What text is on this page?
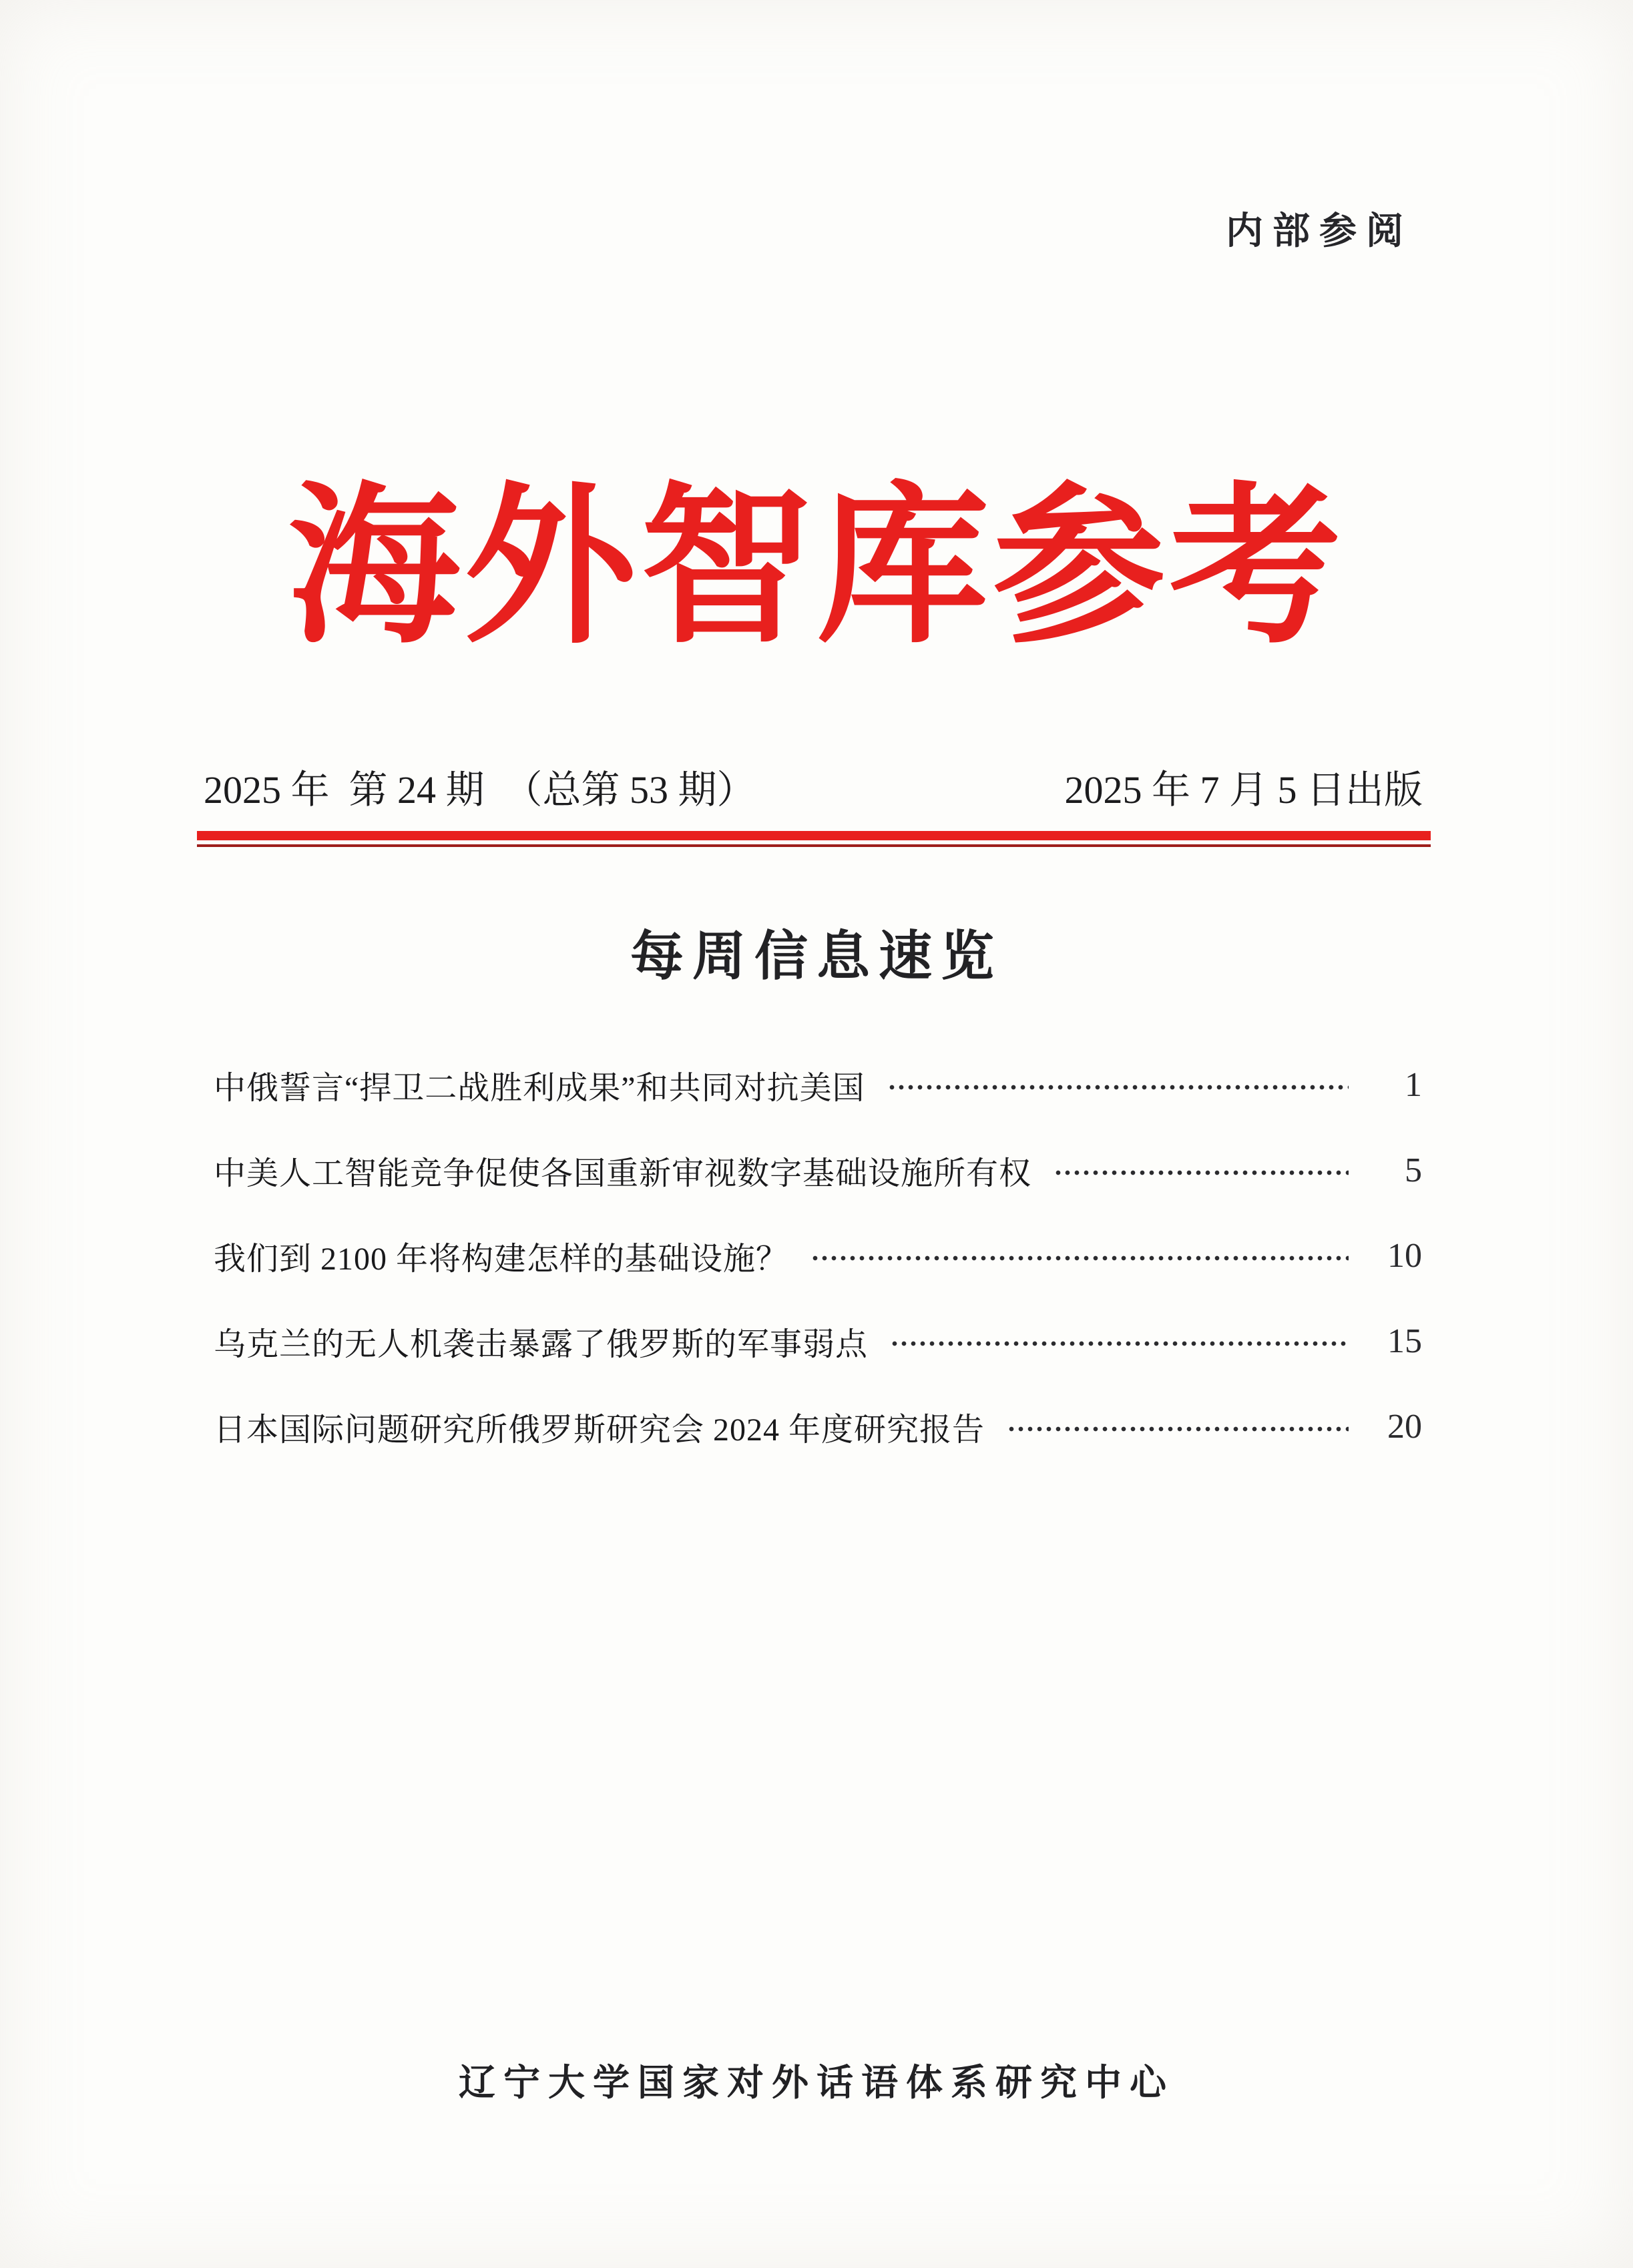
内部参阅
海外智库参考
2025 年  第 24 期  （总第 53 期）	2025 年 7 月 5 日出版
每周信息速览
中俄誓言“捍卫二战胜利成果”和共同对抗美国	1
中美人工智能竞争促使各国重新审视数字基础设施所有权	5
我们到 2100 年将构建怎样的基础设施？	10
乌克兰的无人机袭击暴露了俄罗斯的军事弱点	15
日本国际问题研究所俄罗斯研究会 2024 年度研究报告	20
辽宁大学国家对外话语体系研究中心
